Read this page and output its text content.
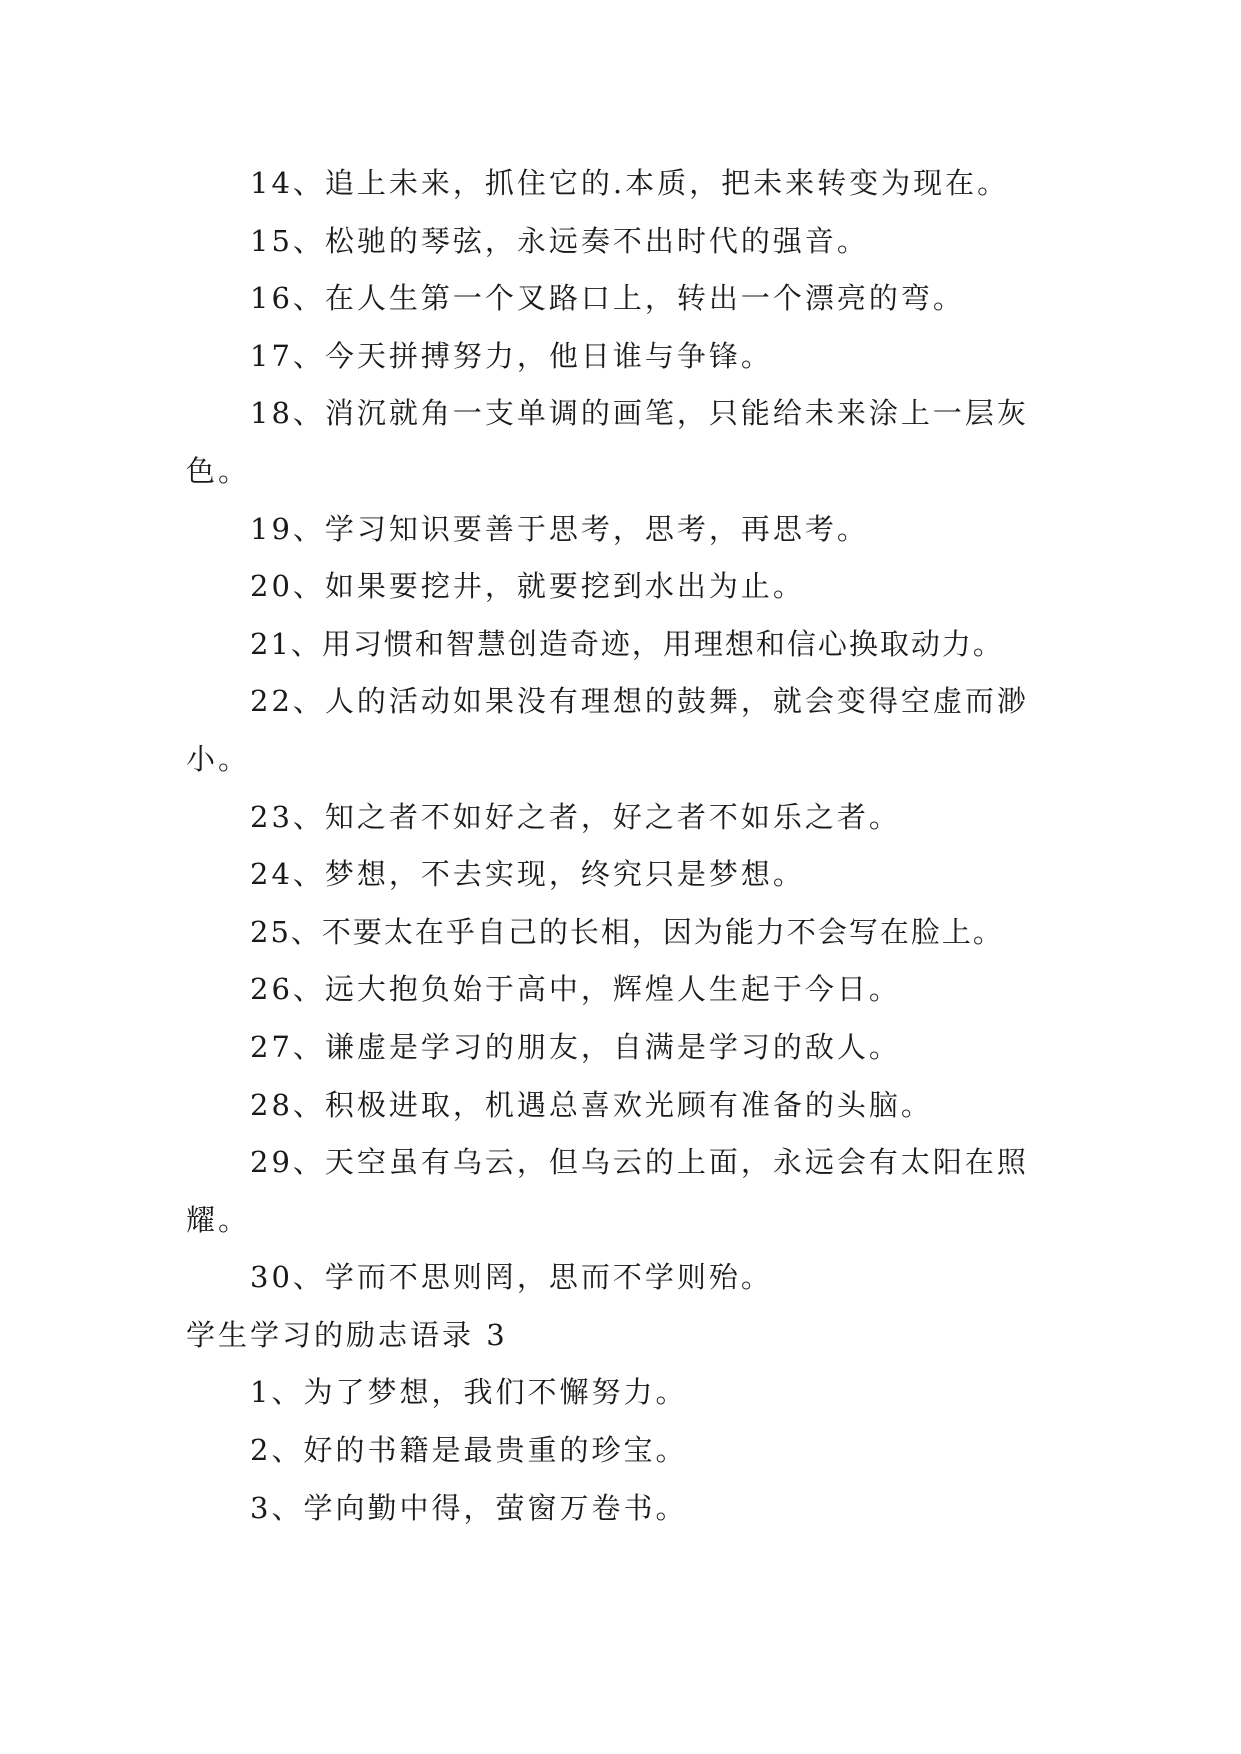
14、追上未来，抓住它的.本质，把未来转变为现在。

15、松驰的琴弦，永远奏不出时代的强音。

16、在人生第一个叉路口上，转出一个漂亮的弯。

17、今天拼搏努力，他日谁与争锋。

18、消沉就角一支单调的画笔，只能给未来涂上一层灰色。

19、学习知识要善于思考，思考，再思考。

20、如果要挖井，就要挖到水出为止。

21、用习惯和智慧创造奇迹，用理想和信心换取动力。

22、人的活动如果没有理想的鼓舞，就会变得空虚而渺小。

23、知之者不如好之者，好之者不如乐之者。

24、梦想，不去实现，终究只是梦想。

25、不要太在乎自己的长相，因为能力不会写在脸上。

26、远大抱负始于高中，辉煌人生起于今日。

27、谦虚是学习的朋友，自满是学习的敌人。

28、积极进取，机遇总喜欢光顾有准备的头脑。

29、天空虽有乌云，但乌云的上面，永远会有太阳在照耀。

30、学而不思则罔，思而不学则殆。

学生学习的励志语录 3

1、为了梦想，我们不懈努力。

2、好的书籍是最贵重的珍宝。

3、学向勤中得，萤窗万卷书。
